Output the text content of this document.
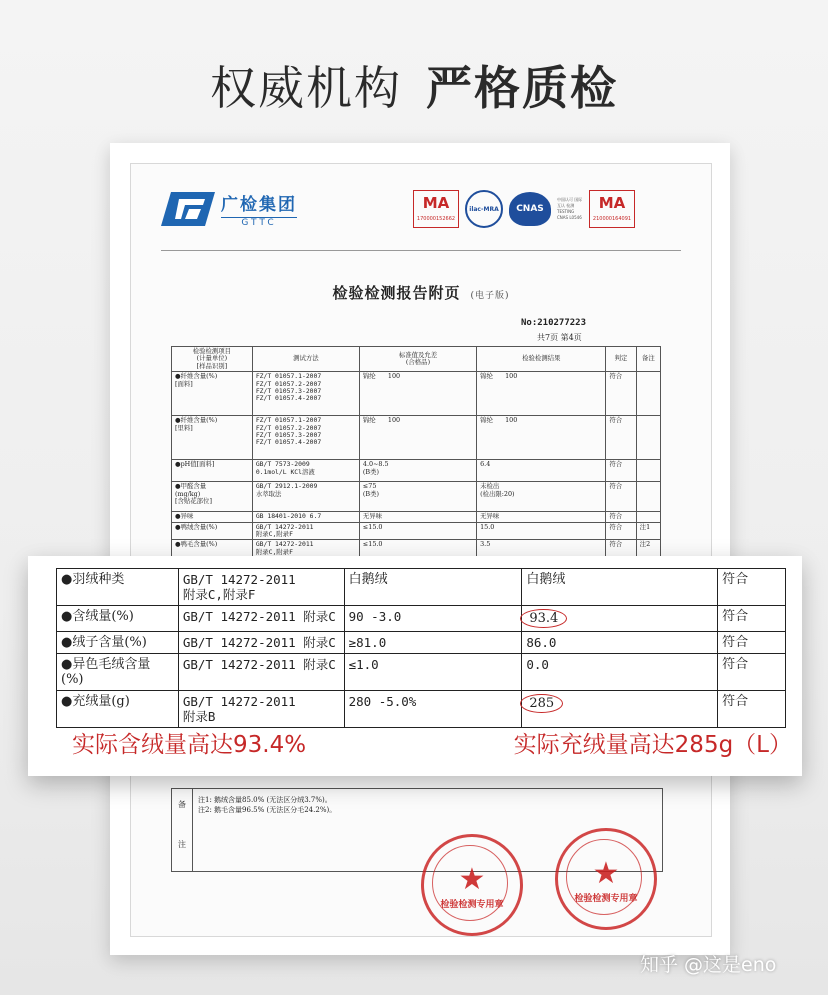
权威机构 严格质检
广检集团
GTTC
MA
170000152662
ilac-MRA	CNAS
中国认可 国际互认 检测 TESTING CNAS L0546
MA
210000164091
检验检测报告附页 (电子版)
No:210277223
共7页 第4页
检验检测项目
(计量单位)
[样品识别]	测试方法	标准值及允差
(合格品)	检验检测结果	判定	备注
●纤维含量(%)
[面料]	FZ/T 01057.1-2007
FZ/T 01057.2-2007
FZ/T 01057.3-2007
FZ/T 01057.4-2007	锦纶      100	锦纶      100	符合	
●纤维含量(%)
[里料]	FZ/T 01057.1-2007
FZ/T 01057.2-2007
FZ/T 01057.3-2007
FZ/T 01057.4-2007	锦纶      100	锦纶      100	符合	
●pH值[面料]	GB/T 7573-2009
0.1mol/L KCl溶液	4.0~8.5
(B类)	6.4	符合	
●甲醛含量
(mg/kg)
[含贴花部位]	GB/T 2912.1-2009
水萃取法	≤75
(B类)	未检出
(检出限:20)	符合	
●异味	GB 18401-2010 6.7	无异味	无异味	符合	
●鸭绒含量(%)	GB/T 14272-2011
附录C,附录F	≤15.0	15.0	符合	注1
●鸭毛含量(%)	GB/T 14272-2011
附录C,附录F	≤15.0	3.5	符合	注2
备
注
注1: 鹅绒含量85.0% (无法区分绒3.7%)。
注2: 鹅毛含量96.5% (无法区分毛24.2%)。
★
检验检测专用章
★
检验检测专用章
●羽绒种类	GB/T 14272-2011
附录C,附录F	白鹅绒	白鹅绒	符合
●含绒量(%)	GB/T 14272-2011 附录C	90 -3.0	93.4	符合
●绒子含量(%)	GB/T 14272-2011 附录C	≥81.0	86.0	符合
●异色毛绒含量
(%)	GB/T 14272-2011 附录C	≤1.0	0.0	符合
●充绒量(g)	GB/T 14272-2011
附录B	280 -5.0%	285	符合
实际含绒量高达93.4%	实际充绒量高达285g（L）
知乎 @这是eno
